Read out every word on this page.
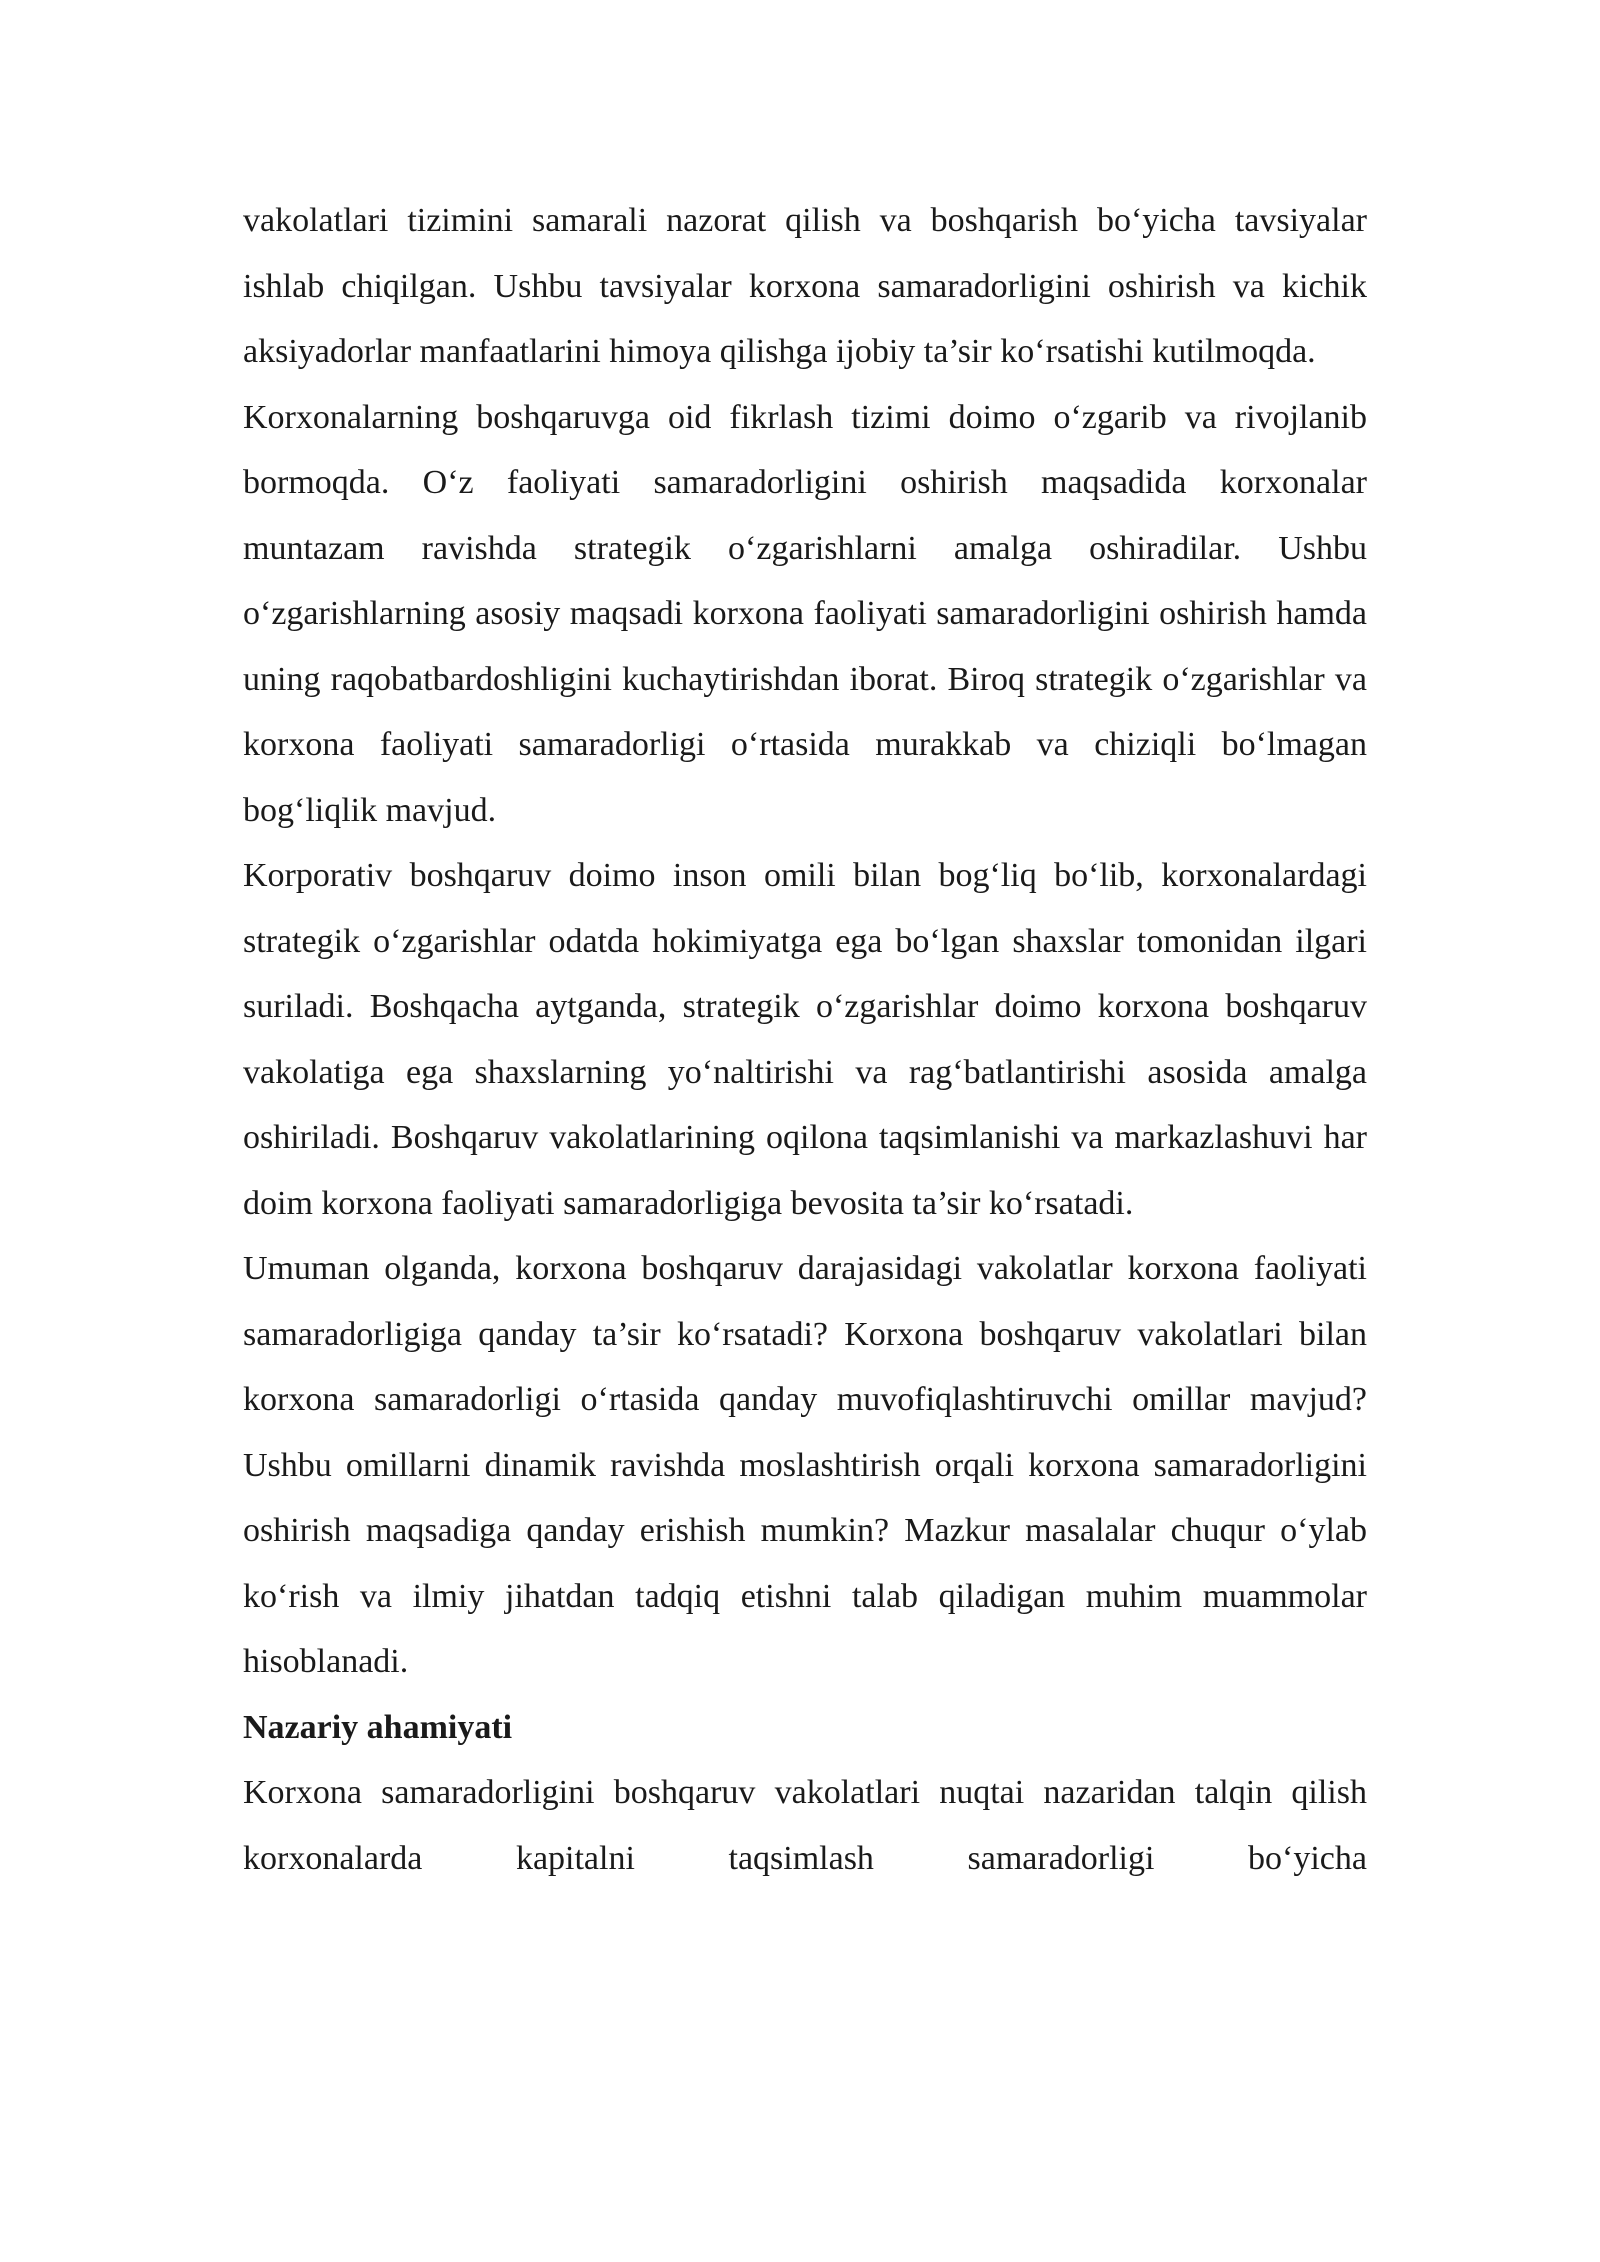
vakolatlari tizimini samarali nazorat qilish va boshqarish bo‘yicha tavsiyalar ishlab chiqilgan. Ushbu tavsiyalar korxona samaradorligini oshirish va kichik aksiyadorlar manfaatlarini himoya qilishga ijobiy ta’sir ko‘rsatishi kutilmoqda.

Korxonalarning boshqaruvga oid fikrlash tizimi doimo o‘zgarib va rivojlanib bormoqda. O‘z faoliyati samaradorligini oshirish maqsadida korxonalar muntazam ravishda strategik o‘zgarishlarni amalga oshiradilar. Ushbu o‘zgarishlarning asosiy maqsadi korxona faoliyati samaradorligini oshirish hamda uning raqobatbardoshligini kuchaytirishdan iborat. Biroq strategik o‘zgarishlar va korxona faoliyati samaradorligi o‘rtasida murakkab va chiziqli bo‘lmagan bog‘liqlik mavjud.

Korporativ boshqaruv doimo inson omili bilan bog‘liq bo‘lib, korxonalardagi strategik o‘zgarishlar odatda hokimiyatga ega bo‘lgan shaxslar tomonidan ilgari suriladi. Boshqacha aytganda, strategik o‘zgarishlar doimo korxona boshqaruv vakolatiga ega shaxslarning yo‘naltirishi va rag‘batlantirishi asosida amalga oshiriladi. Boshqaruv vakolatlarining oqilona taqsimlanishi va markazlashuvi har doim korxona faoliyati samaradorligiga bevosita ta’sir ko‘rsatadi.

Umuman olganda, korxona boshqaruv darajasidagi vakolatlar korxona faoliyati samaradorligiga qanday ta’sir ko‘rsatadi? Korxona boshqaruv vakolatlari bilan korxona samaradorligi o‘rtasida qanday muvofiqlashtiruvchi omillar mavjud? Ushbu omillarni dinamik ravishda moslashtirish orqali korxona samaradorligini oshirish maqsadiga qanday erishish mumkin? Mazkur masalalar chuqur o‘ylab ko‘rish va ilmiy jihatdan tadqiq etishni talab qiladigan muhim muammolar hisoblanadi.

Nazariy ahamiyati

Korxona samaradorligini boshqaruv vakolatlari nuqtai nazaridan talqin qilish korxonalarda kapitalni taqsimlash samaradorligi bo‘yicha
